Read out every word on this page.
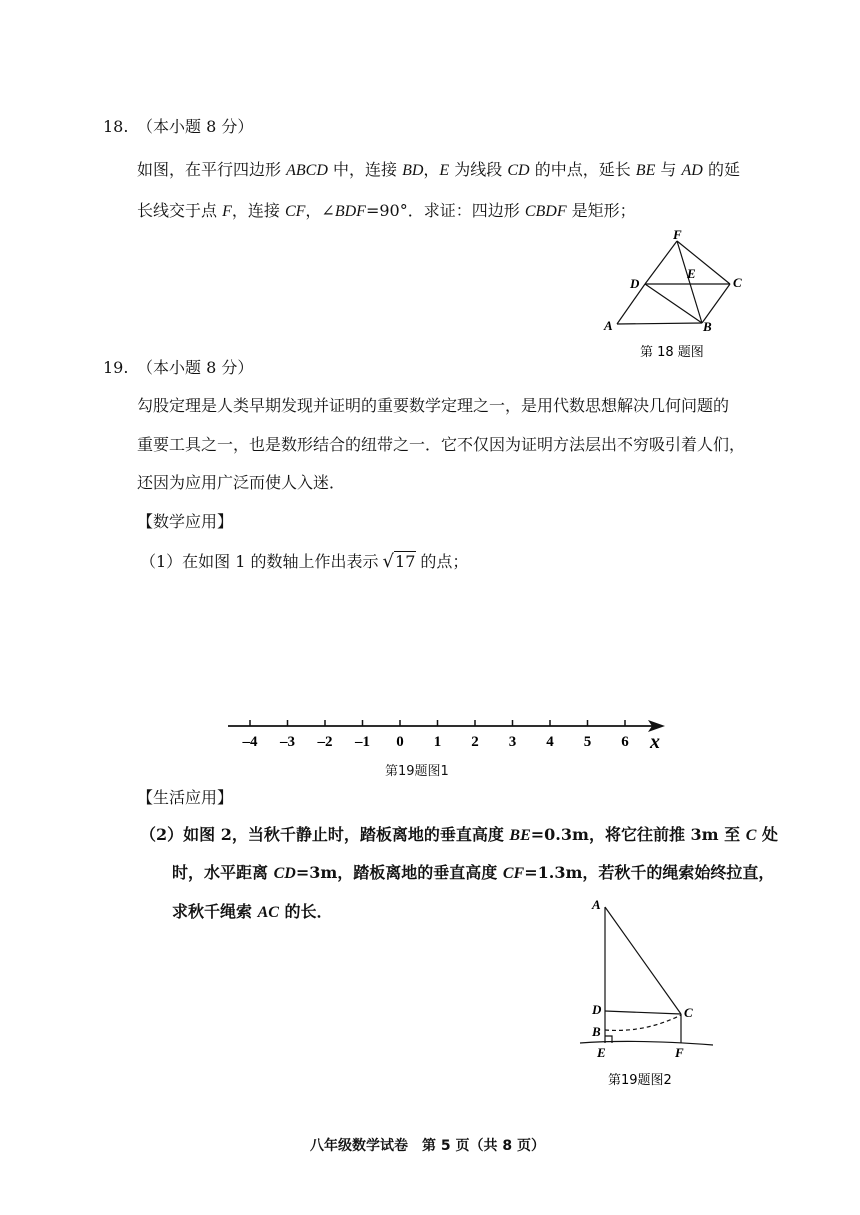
18. （本小题 8 分）
如图，在平行四边形 ABCD 中，连接 BD，E 为线段 CD 的中点，延长 BE 与 AD 的延
长线交于点 F，连接 CF，∠BDF=90°．求证：四边形 CBDF 是矩形；
F
E
D	C
A	B
第 18 题图
19. （本小题 8 分）
勾股定理是人类早期发现并证明的重要数学定理之一，是用代数思想解决几何问题的
重要工具之一，也是数形结合的纽带之一．它不仅因为证明方法层出不穷吸引着人们，
还因为应用广泛而使人入迷．
【数学应用】
（1）在如图 1 的数轴上作出表示 √17 的点；
–4 –3 –2 –1 0 1 2 3 4 5 6 x
第19题图1
【生活应用】
（2）如图 2，当秋千静止时，踏板离地的垂直高度 BE=0.3m，将它往前推 3m 至 C 处
时，水平距离 CD=3m，踏板离地的垂直高度 CF=1.3m，若秋千的绳索始终拉直，
求秋千绳索 AC 的长．	A
D	C
B
E	F
第19题图2
八年级数学试卷　第 5 页（共 8 页）
